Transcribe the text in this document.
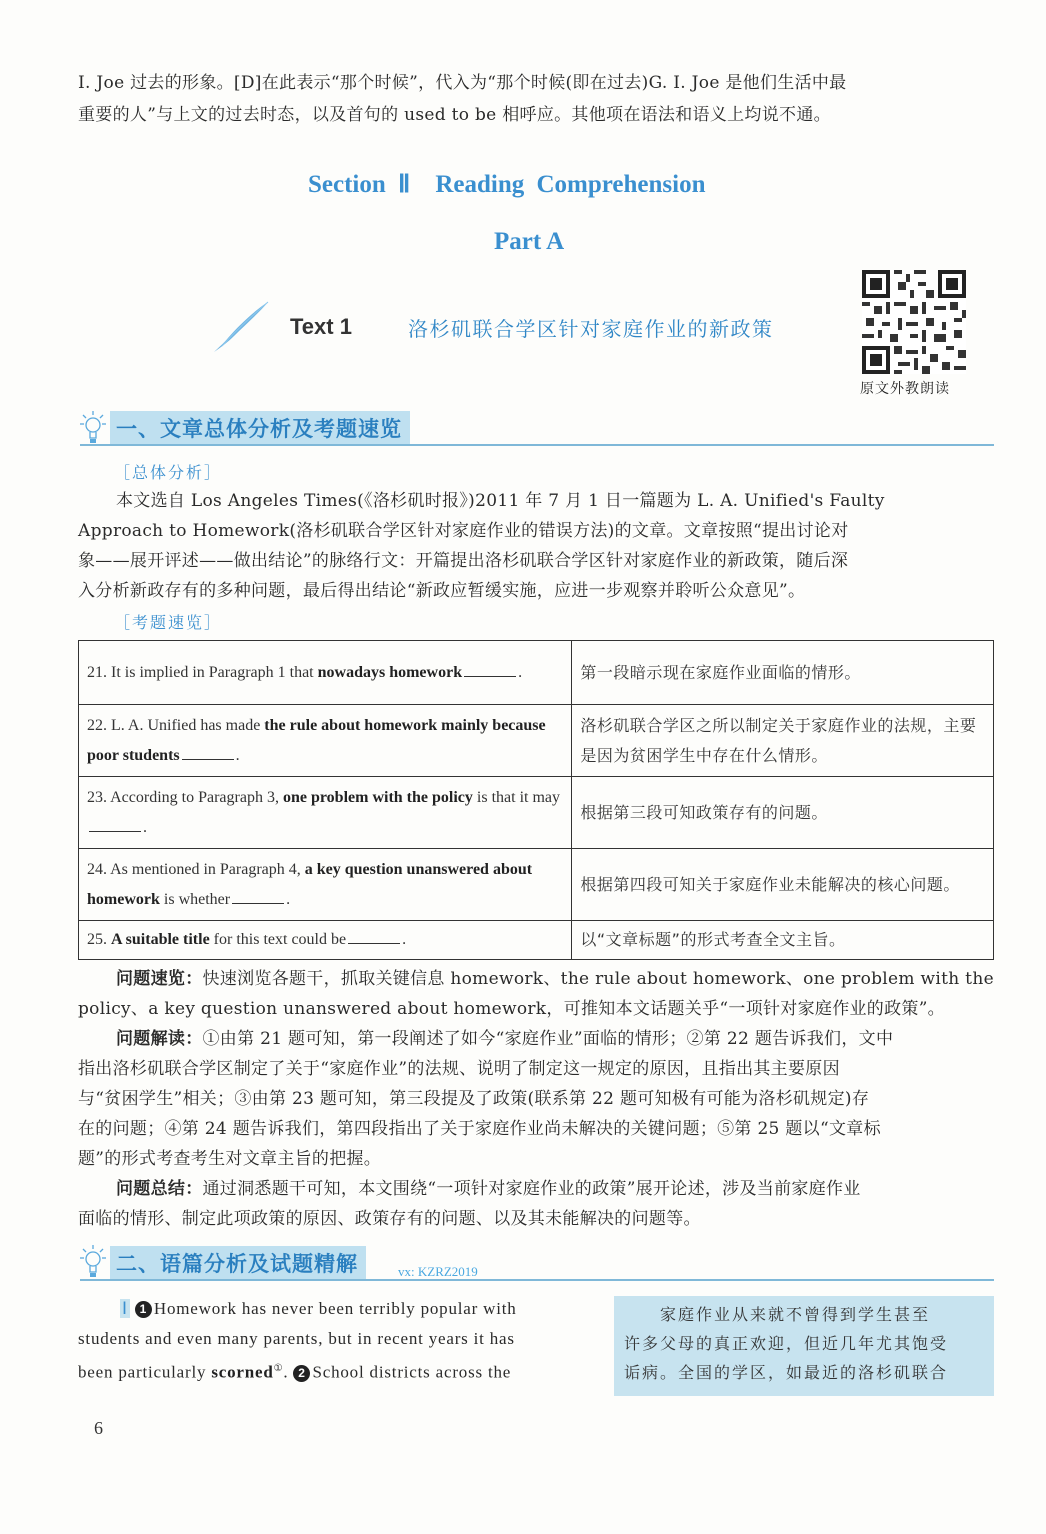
I. Joe 过去的形象。[D]在此表示“那个时候”，代入为“那个时候(即在过去)G. I. Joe 是他们生活中最
重要的人”与上文的过去时态，以及首句的 used to be 相呼应。其他项在语法和语义上均说不通。
Section Ⅱ　Reading Comprehension
Part A
Text 1	洛杉矶联合学区针对家庭作业的新政策
原文外教朗读
一、文章总体分析及考题速览
［总体分析］
本文选自 Los Angeles Times(《洛杉矶时报》)2011 年 7 月 1 日一篇题为 L. A. Unified's Faulty
Approach to Homework(洛杉矶联合学区针对家庭作业的错误方法)的文章。文章按照“提出讨论对
象——展开评述——做出结论”的脉络行文：开篇提出洛杉矶联合学区针对家庭作业的新政策，随后深
入分析新政存有的多种问题，最后得出结论“新政应暂缓实施，应进一步观察并聆听公众意见”。
［考题速览］
21. It is implied in Paragraph 1 that nowadays homework .	第一段暗示现在家庭作业面临的情形。
22. L. A. Unified has made the rule about homework mainly because poor students .	洛杉矶联合学区之所以制定关于家庭作业的法规，主要是因为贫困学生中存在什么情形。
23. According to Paragraph 3, one problem with the policy is that it may.	根据第三段可知政策存有的问题。
24. As mentioned in Paragraph 4, a key question unanswered about homework is whether .	根据第四段可知关于家庭作业未能解决的核心问题。
25. A suitable title for this text could be .	以“文章标题”的形式考查全文主旨。
问题速览：快速浏览各题干，抓取关键信息 homework、the rule about homework、one problem with the
policy、a key question unanswered about homework，可推知本文话题关乎“一项针对家庭作业的政策”。
问题解读：①由第 21 题可知，第一段阐述了如今“家庭作业”面临的情形；②第 22 题告诉我们，文中
指出洛杉矶联合学区制定了关于“家庭作业”的法规、说明了制定这一规定的原因，且指出其主要原因
与“贫困学生”相关；③由第 23 题可知，第三段提及了政策(联系第 22 题可知极有可能为洛杉矶规定)存
在的问题；④第 24 题告诉我们，第四段指出了关于家庭作业尚未解决的关键问题；⑤第 25 题以“文章标
题”的形式考查考生对文章主旨的把握。
问题总结：通过洞悉题干可知，本文围绕“一项针对家庭作业的政策”展开论述，涉及当前家庭作业
面临的情形、制定此项政策的原因、政策存有的问题、以及其未能解决的问题等。
二、语篇分析及试题精解	vx: KZRZ2019
Ⅰ 1 Homework has never been terribly popular with
students and even many parents, but in recent years it has
been particularly scorned①. 2 School districts across the
　　家庭作业从来就不曾得到学生甚至
许多父母的真正欢迎，但近几年尤其饱受
诟病。全国的学区，如最近的洛杉矶联合
6
